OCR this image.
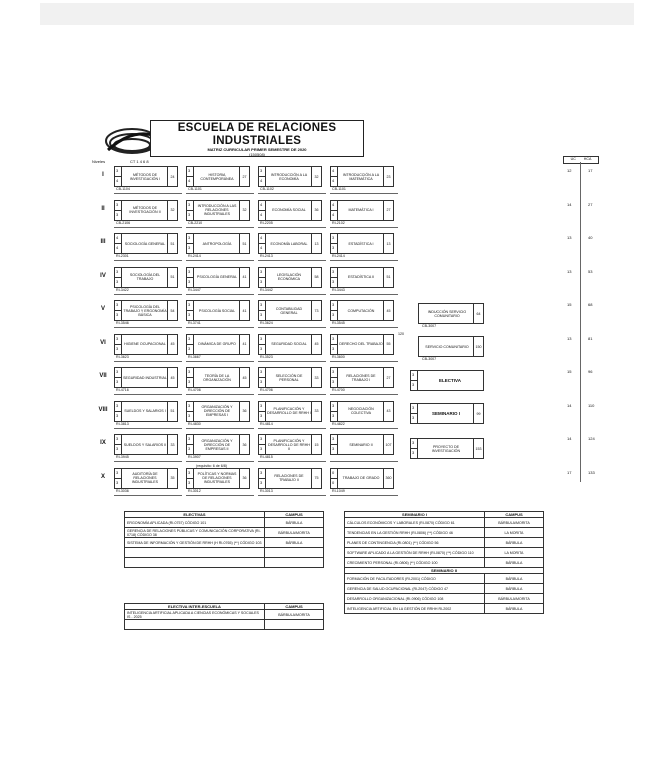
ESCUELA DE RELACIONES
INDUSTRIALES
MATRIZ CURRICULAR PRIMER SEMESTRE DE 2020
(150508)
Niveles	CT 1 4 6 8
I
3
4
MÉTODOS DE INVESTIGACIÓN I	24
CB-1104
3
4
HISTORIA CONTEMPORÁNEA	27
CB-1101
3
4
INTRODUCCIÓN A LA ECONOMÍA	32
CB-1102
4
4
INTRODUCCIÓN A LA MATEMÁTICA	23
CB-1101
II
3
3
MÉTODOS DE INVESTIGACIÓN II	32
CB-2106
3
3
INTRODUCCIÓN A LAS RELACIONES INDUSTRIALES
32
CB-2210
4
4
ECONOMÍA SOCIAL	36
RI-2205
4
4
MATEMÁTICA I	27
RI-2102
III
4
4
SOCIOLOGÍA GENERAL	51
RI-2301
3
3
ANTROPOLOGÍA	51
RI-2414
4
4
ECONOMÍA LABORAL	13
RI-2413
3
3
ESTADÍSTICA I	13
RI-2414
IV
3
3
SOCIOLOGÍA DEL TRABAJO	51
RI-3422
3
3
PSICOLOGÍA GENERAL	41
RI-3447
3
3
LEGISLACIÓN ECONÓMICA	58
RI-3442
3
3
ESTADÍSTICA II	51
RI-3443
V
3
3
PSICOLOGÍA DEL TRABAJO Y ERGONOMÍA BÁSICA
54
RI-3546
3
3
PSICOLOGÍA SOCIAL	41
RI-3741
3
3
CONTABILIDAD GENERAL	73
RI-3624
3
3
COMPUTACIÓN	45
RI-3545
VI
3
3
HIGIENE OCUPACIONAL	45
RI-3623
3
3
DINÁMICA DE GRUPO	41
RI-3667
3
3
SEGURIDAD SOCIAL	45
RI-3523
3
3
DERECHO DEL TRABAJO	55
RI-3600
VII
3
3
SEGURIDAD INDUSTRIAL	45
RI-4716
3
3
TEORÍA DE LA ORGANIZACIÓN	45
RI-4706
3
3
SELECCIÓN DE PERSONAL	33
RI-4706
3
3
RELACIONES DE TRABAJO I	27
RI-4700
VIII
3
3
SUELDOS Y SALARIOS I	51
RI-3813
3
3
ORGANIZACIÓN Y DIRECCIÓN DE EMPRESAS I
36
RI-4830
3
3
PLANIFICACIÓN Y DESARROLLO DE RRHH I 33
RI-4814
3
3
NEGOCIACIÓN COLECTIVA	43
RI-4822
IX
3
3
SUELDOS Y SALARIOS II	33
RI-3945
3
3
ORGANIZACIÓN Y DIRECCIÓN DE EMPRESAS II
36
RI-3907
3
3
PLANIFICACIÓN Y DESARROLLO DE RRHH II
15
RI-4815
3
3
SEMINARIO II	107
X
3
3
AUDITORÍA DE RELACIONES INDUSTRIALES
35
RI-3036
3
3
POLÍTICAS Y NORMAS DE RELACIONES INDUSTRIALES
36
RI-3012
3
3
RELACIONES DE TRABAJO II	75
RI-3013
0
0
TRABAJO DE GRADO	360
RI-1049
INDUCCIÓN SERVICIO COMUNITARIO	64
CB-3007
SERVICIO COMUNITARIO	150
CB-3007
120
3
3
ELECTIVA
3
3
SEMINARIO I	99
3
3
PROYECTO DE INVESTIGACIÓN	153
(requisito: 6 de 6/8)
UC HCA
12	17
14	27
13	40
13	53
15	68
13	81
15	96
14	110
14	124
17	133
ELECTIVAS	CAMPUS
ERGONOMÍA APLICADA (RI-0757) CÓDIGO 101	BÁRBULA
GERENCIA DE RELACIONES PÚBLICAS Y COMUNICACIÓN CORPORATIVA (RI-0718) CÓDIGO 38	BÁRBULA/MORITA
SISTEMA DE INFORMACIÓN Y GESTIÓN DE RRHH (H RI-0765) (**) CÓDIGO 103	BÁRBULA

ELECTIVA INTER-ESCUELA	CAMPUS
INTELIGENCIA ARTIFICIAL APLICADA A CIENCIAS ECONÓMICAS Y SOCIALES IS - 2025	BÁRBULA/MORITA

SEMINARIO I	CAMPUS
CÁLCULOS ECONÓMICOS Y LABORALES (RI-0870) CÓDIGO 61	BÁRBULA/MORITA
TENDENCIAS EN LA GESTIÓN RRHH (RI-0806) (**) CÓDIGO 46	LA MORITA
PLANES DE CONTINGENCIA (RI-0801) (**) CÓDIGO 56	BÁRBULA
SOFTWARE APLICADO A LA GESTIÓN DE RRHH (RI-0870) (**) CÓDIGO 110	LA MORITA
CRECIMIENTO PERSONAL (RI-0806) (**) CÓDIGO 100	BÁRBULA
SEMINARIO II	
FORMACIÓN DE FACILITADORES (RI-2001) CÓDIGO	BÁRBULA
GERENCIA DE SALUD OCUPACIONAL (RI-2047) CÓDIGO 47	BÁRBULA
DESARROLLO ORGANIZACIONAL (RI-0906) CÓDIGO 108	BÁRBULA/MORITA
INTELIGENCIA ARTIFICIAL EN LA GESTIÓN DE RRHH RI-2002	BÁRBULA
